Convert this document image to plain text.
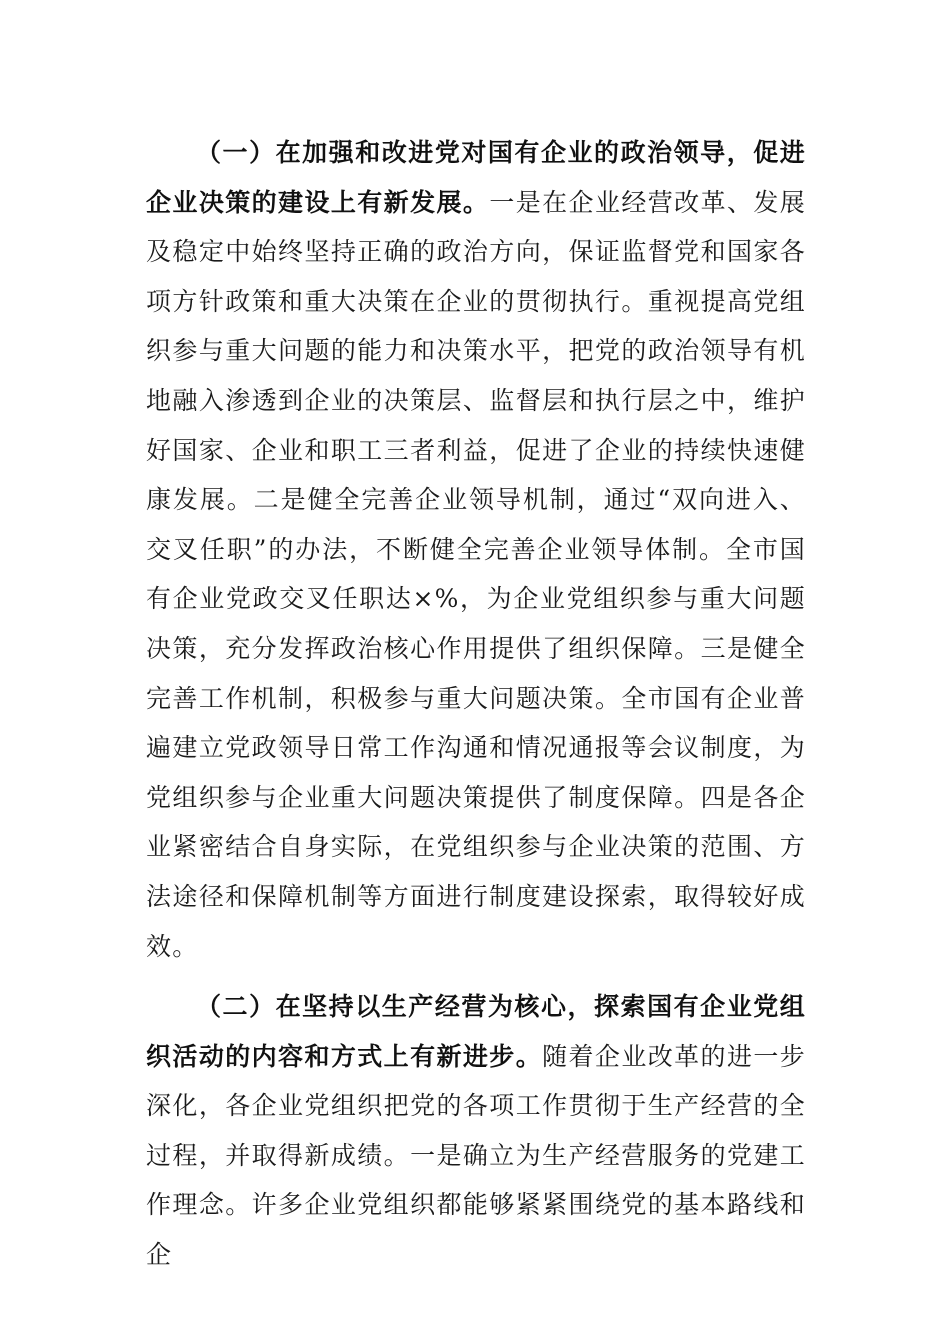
（一）在加强和改进党对国有企业的政治领导，促进企业决策的建设上有新发展。一是在企业经营改革、发展及稳定中始终坚持正确的政治方向，保证监督党和国家各项方针政策和重大决策在企业的贯彻执行。重视提高党组织参与重大问题的能力和决策水平，把党的政治领导有机地融入渗透到企业的决策层、监督层和执行层之中，维护好国家、企业和职工三者利益，促进了企业的持续快速健康发展。二是健全完善企业领导机制，通过“双向进入、交叉任职”的办法，不断健全完善企业领导体制。全市国有企业党政交叉任职达×%，为企业党组织参与重大问题决策，充分发挥政治核心作用提供了组织保障。三是健全完善工作机制，积极参与重大问题决策。全市国有企业普遍建立党政领导日常工作沟通和情况通报等会议制度，为党组织参与企业重大问题决策提供了制度保障。四是各企业紧密结合自身实际，在党组织参与企业决策的范围、方法途径和保障机制等方面进行制度建设探索，取得较好成效。

（二）在坚持以生产经营为核心，探索国有企业党组织活动的内容和方式上有新进步。随着企业改革的进一步深化，各企业党组织把党的各项工作贯彻于生产经营的全过程，并取得新成绩。一是确立为生产经营服务的党建工作理念。许多企业党组织都能够紧紧围绕党的基本路线和企
